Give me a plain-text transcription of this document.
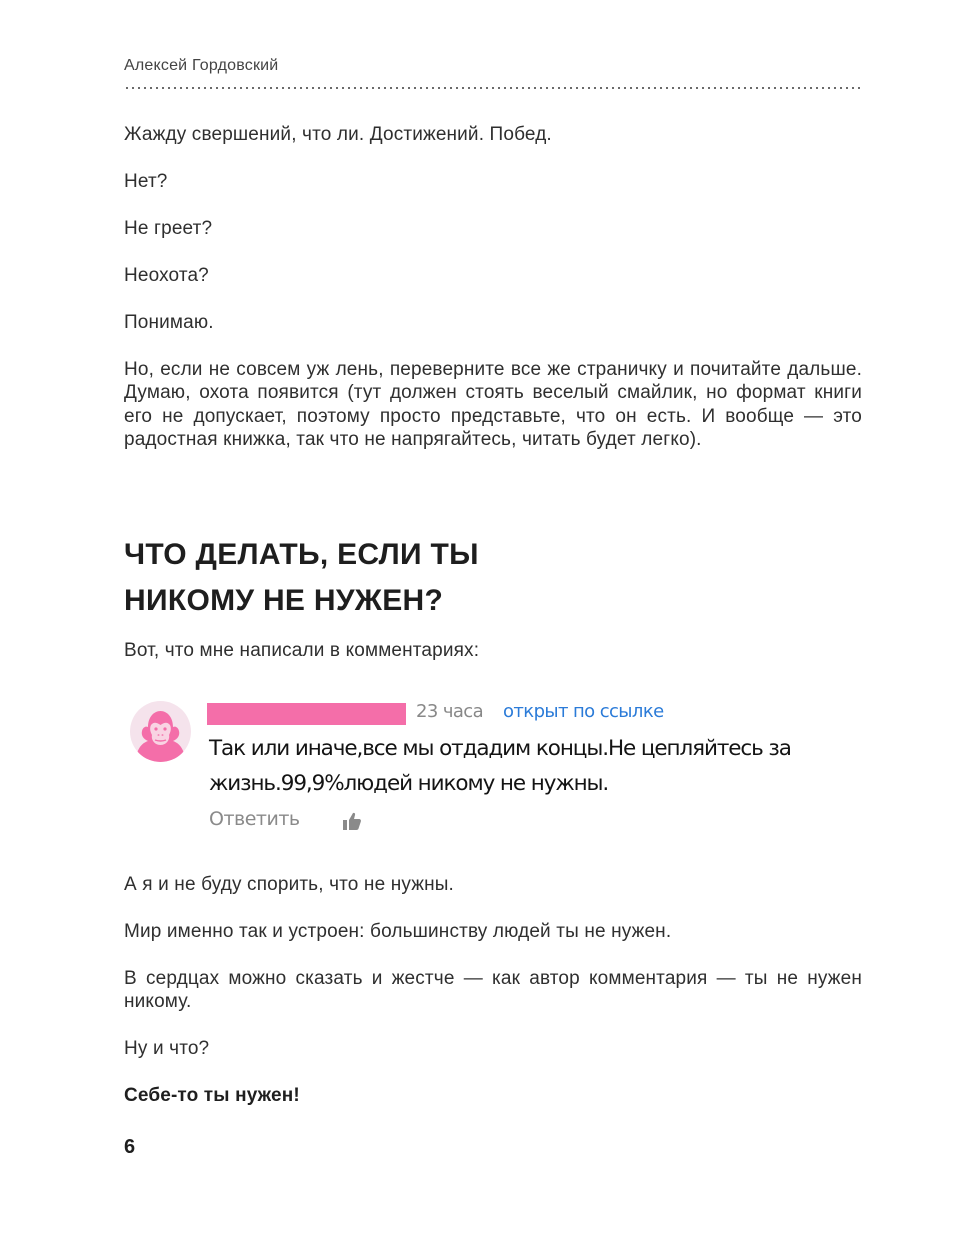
Алексей Гордовский

Жажду свершений, что ли. Достижений. Побед.

Нет?

Не греет?

Неохота?

Понимаю.

Но, если не совсем уж лень, переверните все же страничку и почитайте дальше. Думаю, охота появится (тут должен стоять веселый смайлик, но формат книги его не допускает, поэтому просто представьте, что он есть. И вообще — это радостная книжка, так что не напрягайтесь, читать будет легко).

ЧТО ДЕЛАТЬ, ЕСЛИ ТЫ
НИКОМУ НЕ НУЖЕН?

Вот, что мне написали в комментариях:

23 часа открыт по ссылке

Так или иначе,все мы отдадим концы.Не цепляйтесь за жизнь.99,9%людей никому не нужны.

Ответить

А я и не буду спорить, что не нужны.

Мир именно так и устроен: большинству людей ты не нужен.

В сердцах можно сказать и жестче — как автор комментария — ты не нужен никому.

Ну и что?

Себе-то ты нужен!

6
